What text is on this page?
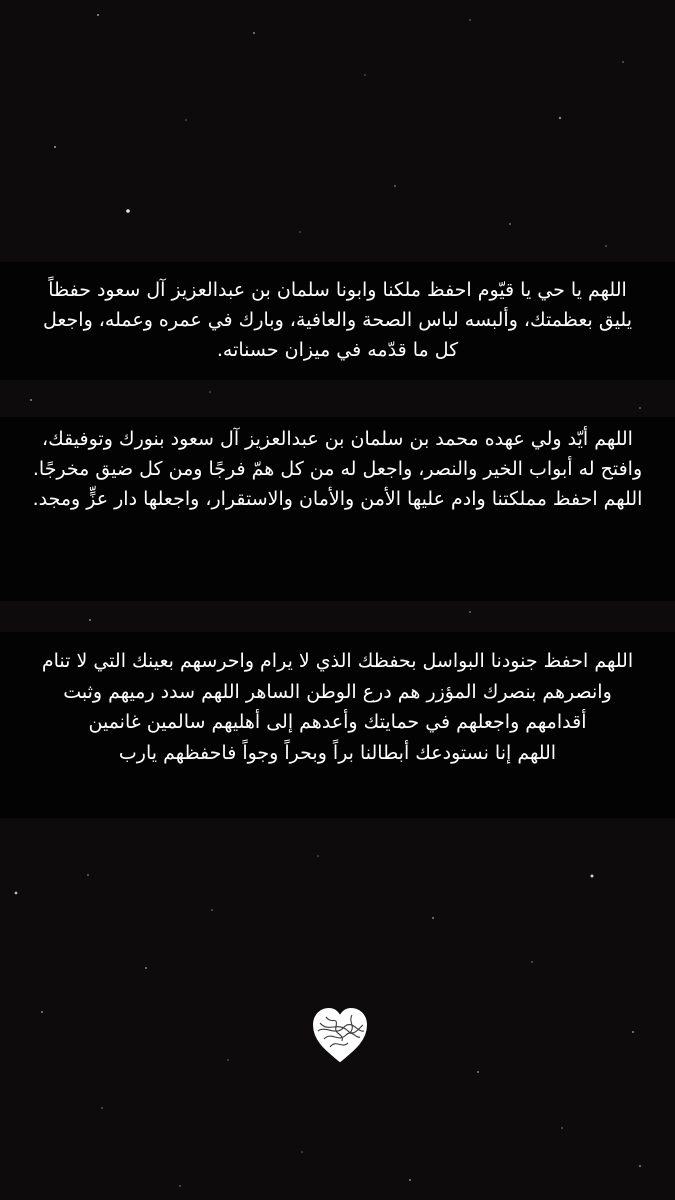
اللهم يا حي يا قيّوم احفظ ملكنا وابونا سلمان بن عبدالعزيز آل سعود حفظاً يليق بعظمتك، وألبسه لباس الصحة والعافية، وبارك في عمره وعمله، واجعل كل ما قدّمه في ميزان حسناته.

اللهم أيّد ولي عهده محمد بن سلمان بن عبدالعزيز آل سعود بنورك وتوفيقك، وافتح له أبواب الخير والنصر، واجعل له من كل همّ فرجًا ومن كل ضيق مخرجًا.
اللهم احفظ مملكتنا وادم عليها الأمن والأمان والاستقرار، واجعلها دار عزٍّ ومجد.

اللهم احفظ جنودنا البواسل بحفظك الذي لا يرام واحرسهم بعينك التي لا تنام وانصرهم بنصرك المؤزر هم درع الوطن الساهر اللهم سدد رميهم وثبت أقدامهم واجعلهم في حمايتك وأعدهم إلى أهليهم سالمين غانمين
اللهم إنا نستودعك أبطالنا براً وبحراً وجواً فاحفظهم يارب
